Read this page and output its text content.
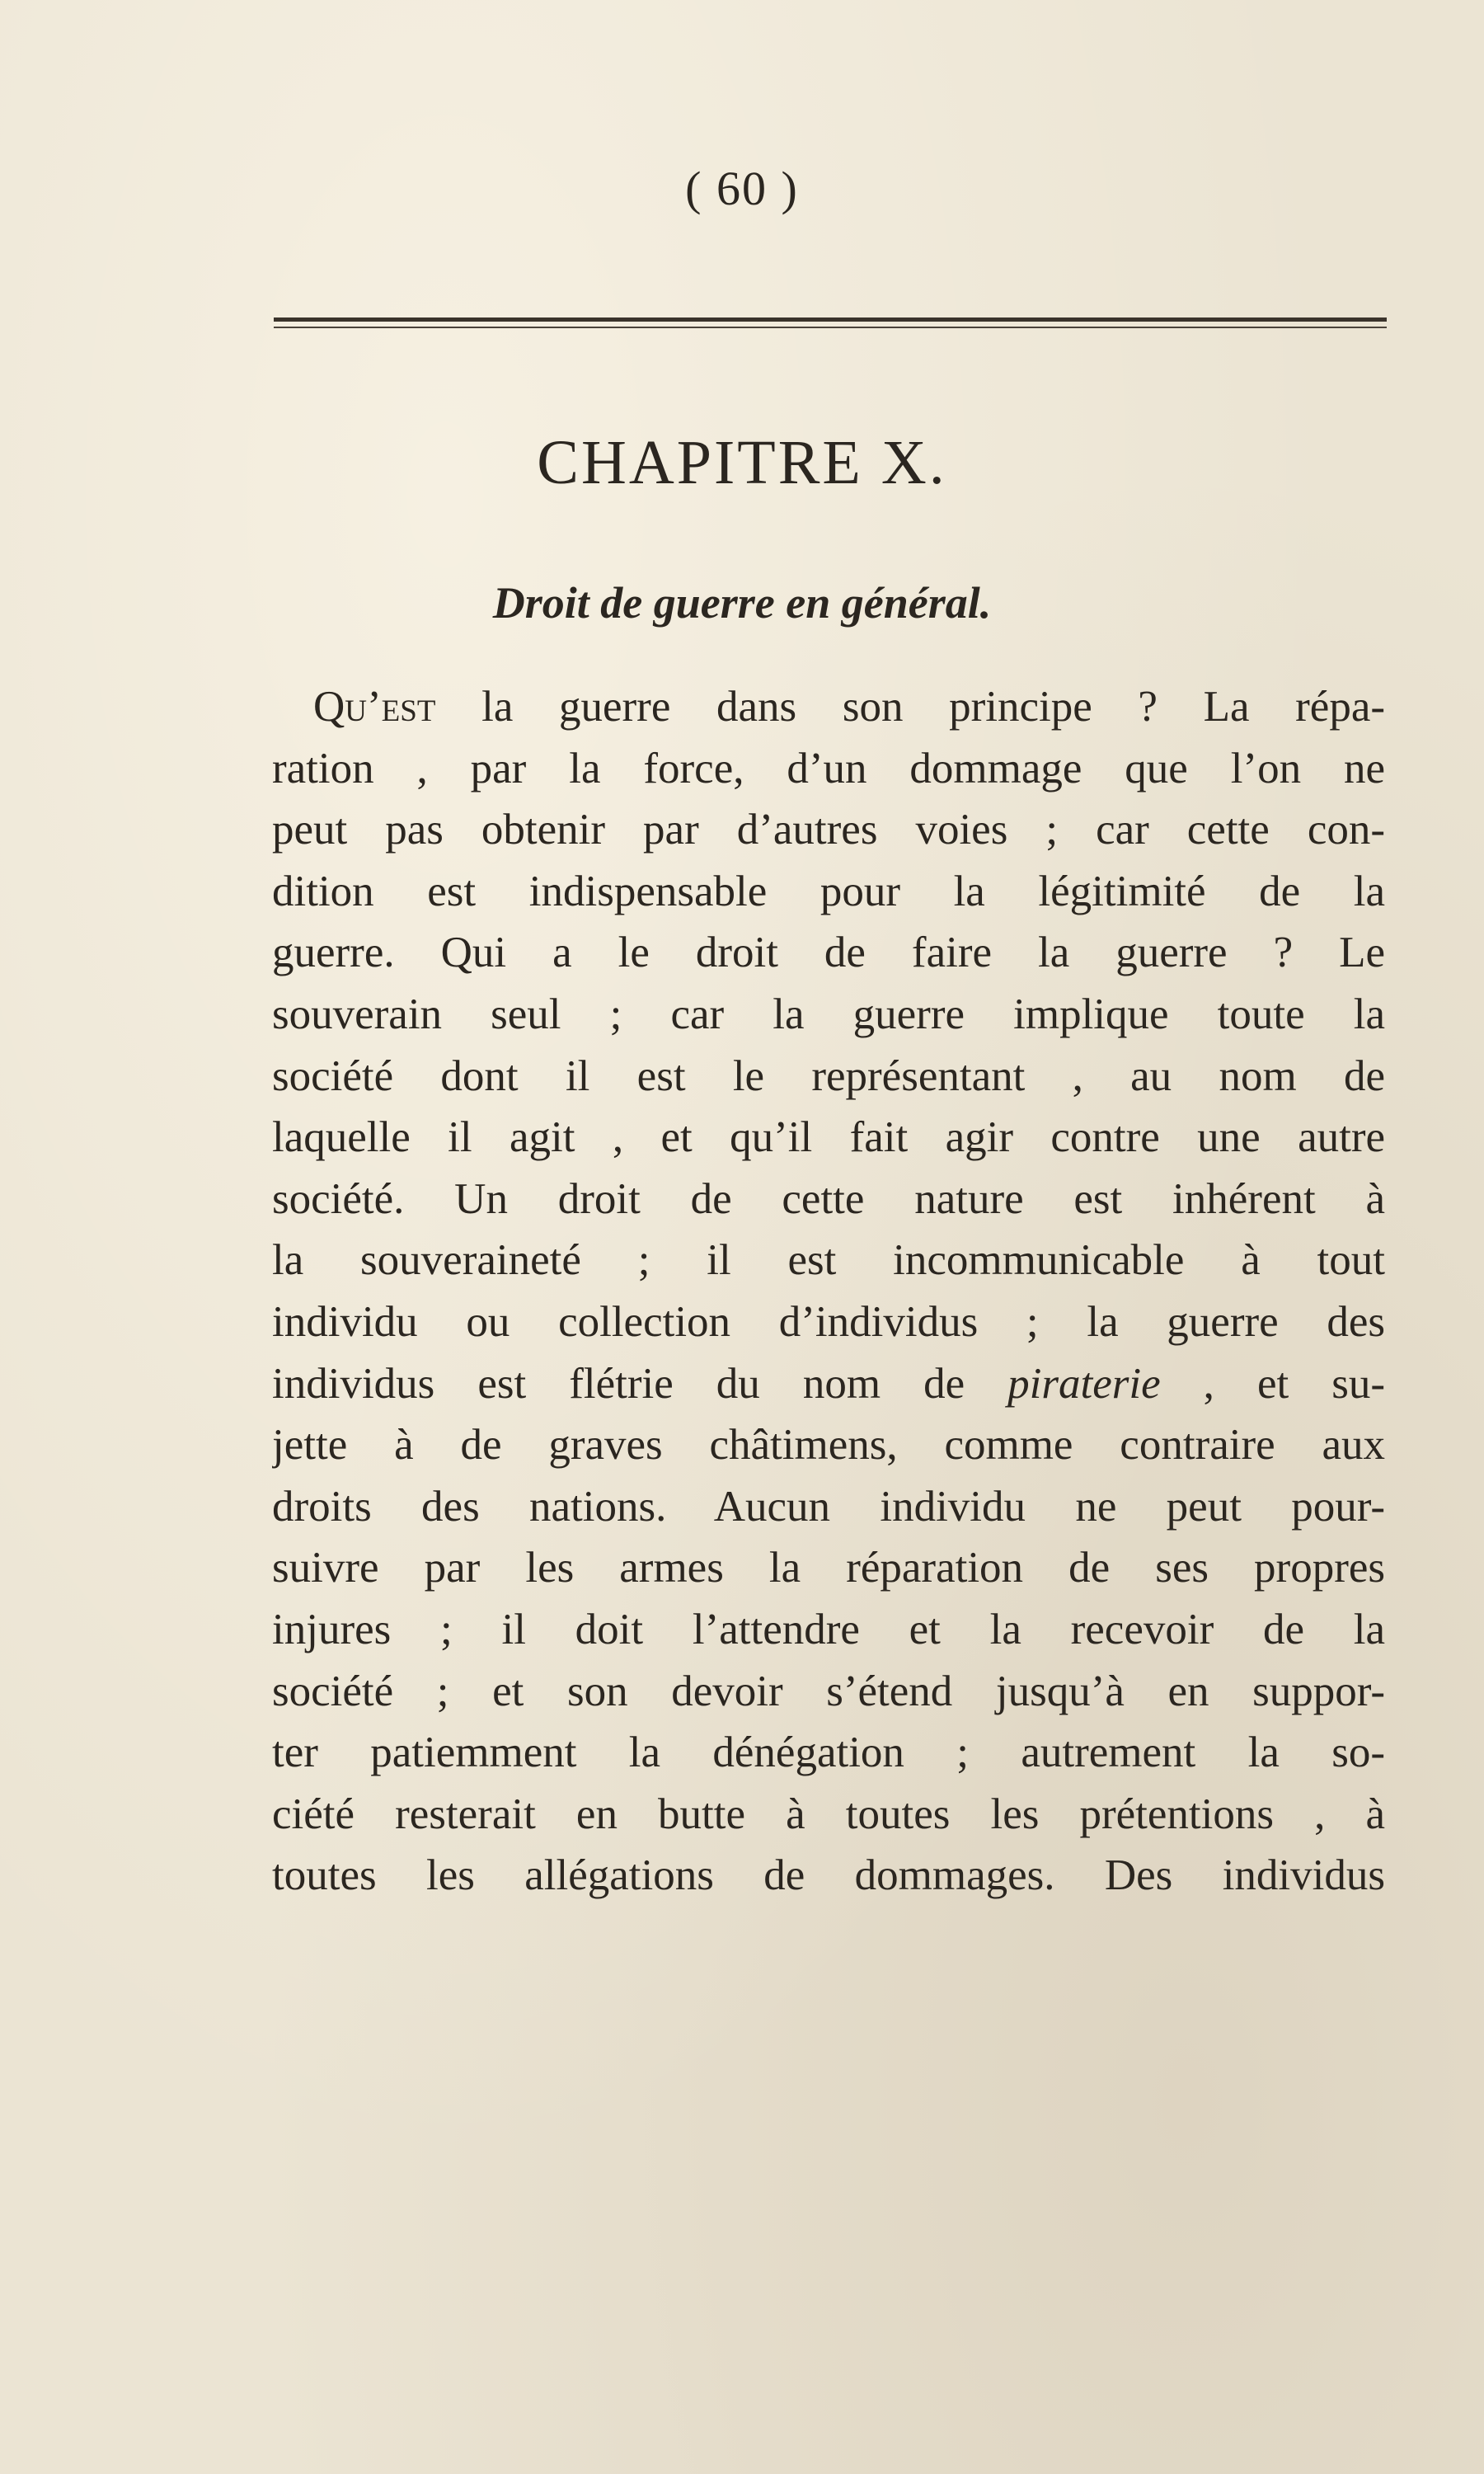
( 60 )
CHAPITRE X.
Droit de guerre en général.
Qu’est la guerre dans son principe ? La répa-
ration , par la force, d’un dommage que l’on ne
peut pas obtenir par d’autres voies ; car cette con-
dition est indispensable pour la légitimité de la
guerre. Qui a le droit de faire la guerre ? Le
souverain seul ; car la guerre implique toute la
société dont il est le représentant , au nom de
laquelle il agit , et qu’il fait agir contre une autre
société. Un droit de cette nature est inhérent à
la souveraineté ; il est incommunicable à tout
individu ou collection d’individus ; la guerre des
individus est flétrie du nom de piraterie , et su-
jette à de graves châtimens, comme contraire aux
droits des nations. Aucun individu ne peut pour-
suivre par les armes la réparation de ses propres
injures ; il doit l’attendre et la recevoir de la
société ; et son devoir s’étend jusqu’à en suppor-
ter patiemment la dénégation ; autrement la so-
ciété resterait en butte à toutes les prétentions , à
toutes les allégations de dommages. Des individus
